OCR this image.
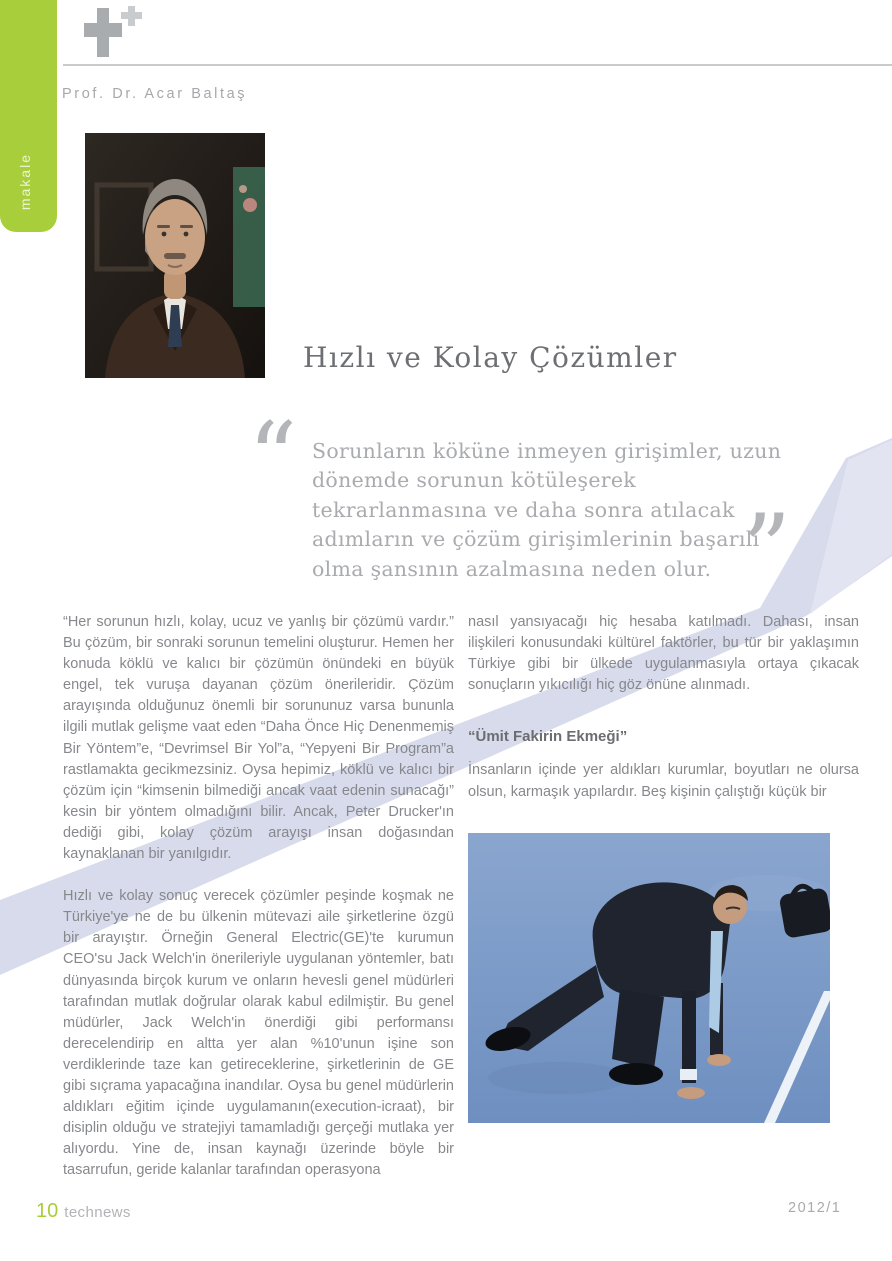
makale
Prof. Dr. Acar Baltaş
Hızlı ve Kolay Çözümler
“ Sorunların köküne inmeyen girişimler, uzun
dönemde sorunun kötüleşerek
tekrarlanmasına ve daha sonra atılacak
adımların ve çözüm girişimlerinin başarılı
olma şansının azalmasına neden olur. ”

“Her sorunun hızlı, kolay, ucuz ve yanlış bir çözümü vardır.” Bu çözüm, bir sonraki sorunun temelini oluşturur. Hemen her konuda köklü ve kalıcı bir çözümün önündeki en büyük engel, tek vuruşa dayanan çözüm önerileridir. Çözüm arayışında olduğunuz önemli bir sorununuz varsa bununla ilgili mutlak gelişme vaat eden “Daha Önce Hiç Denenmemiş Bir Yöntem”e, “Devrimsel Bir Yol”a, “Yepyeni Bir Program”a rastlamakta gecikmezsiniz. Oysa hepimiz, köklü ve kalıcı bir çözüm için “kimsenin bilmediği ancak vaat edenin sunacağı” kesin bir yöntem olmadığını bilir. Ancak, Peter Drucker'ın dediği gibi, kolay çözüm arayışı insan doğasından kaynaklanan bir yanılgıdır.

Hızlı ve kolay sonuç verecek çözümler peşinde koşmak ne Türkiye'ye ne de bu ülkenin mütevazi aile şirketlerine özgü bir arayıştır. Örneğin General Electric(GE)'te kurumun CEO'su Jack Welch'in önerileriyle uygulanan yöntemler, batı dünyasında birçok kurum ve onların hevesli genel müdürleri tarafından mutlak doğrular olarak kabul edilmiştir. Bu genel müdürler, Jack Welch'in önerdiği gibi performansı derecelendirip en altta yer alan %10'unun işine son verdiklerinde taze kan getireceklerine, şirketlerinin de GE gibi sıçrama yapacağına inandılar. Oysa bu genel müdürlerin aldıkları eğitim içinde uygulamanın(execution-icraat), bir disiplin olduğu ve stratejiyi tamamladığı gerçeği mutlaka yer alıyordu. Yine de, insan kaynağı üzerinde böyle bir tasarrufun, geride kalanlar tarafından operasyona

nasıl yansıyacağı hiç hesaba katılmadı. Dahası, insan ilişkileri konusundaki kültürel faktörler, bu tür bir yaklaşımın Türkiye gibi bir ülkede uygulanmasıyla ortaya çıkacak sonuçların yıkıcılığı hiç göz önüne alınmadı.

“Ümit Fakirin Ekmeği”

İnsanların içinde yer aldıkları kurumlar, boyutları ne olursa olsun, karmaşık yapılardır. Beş kişinin çalıştığı küçük bir

10 technews	2012/1
